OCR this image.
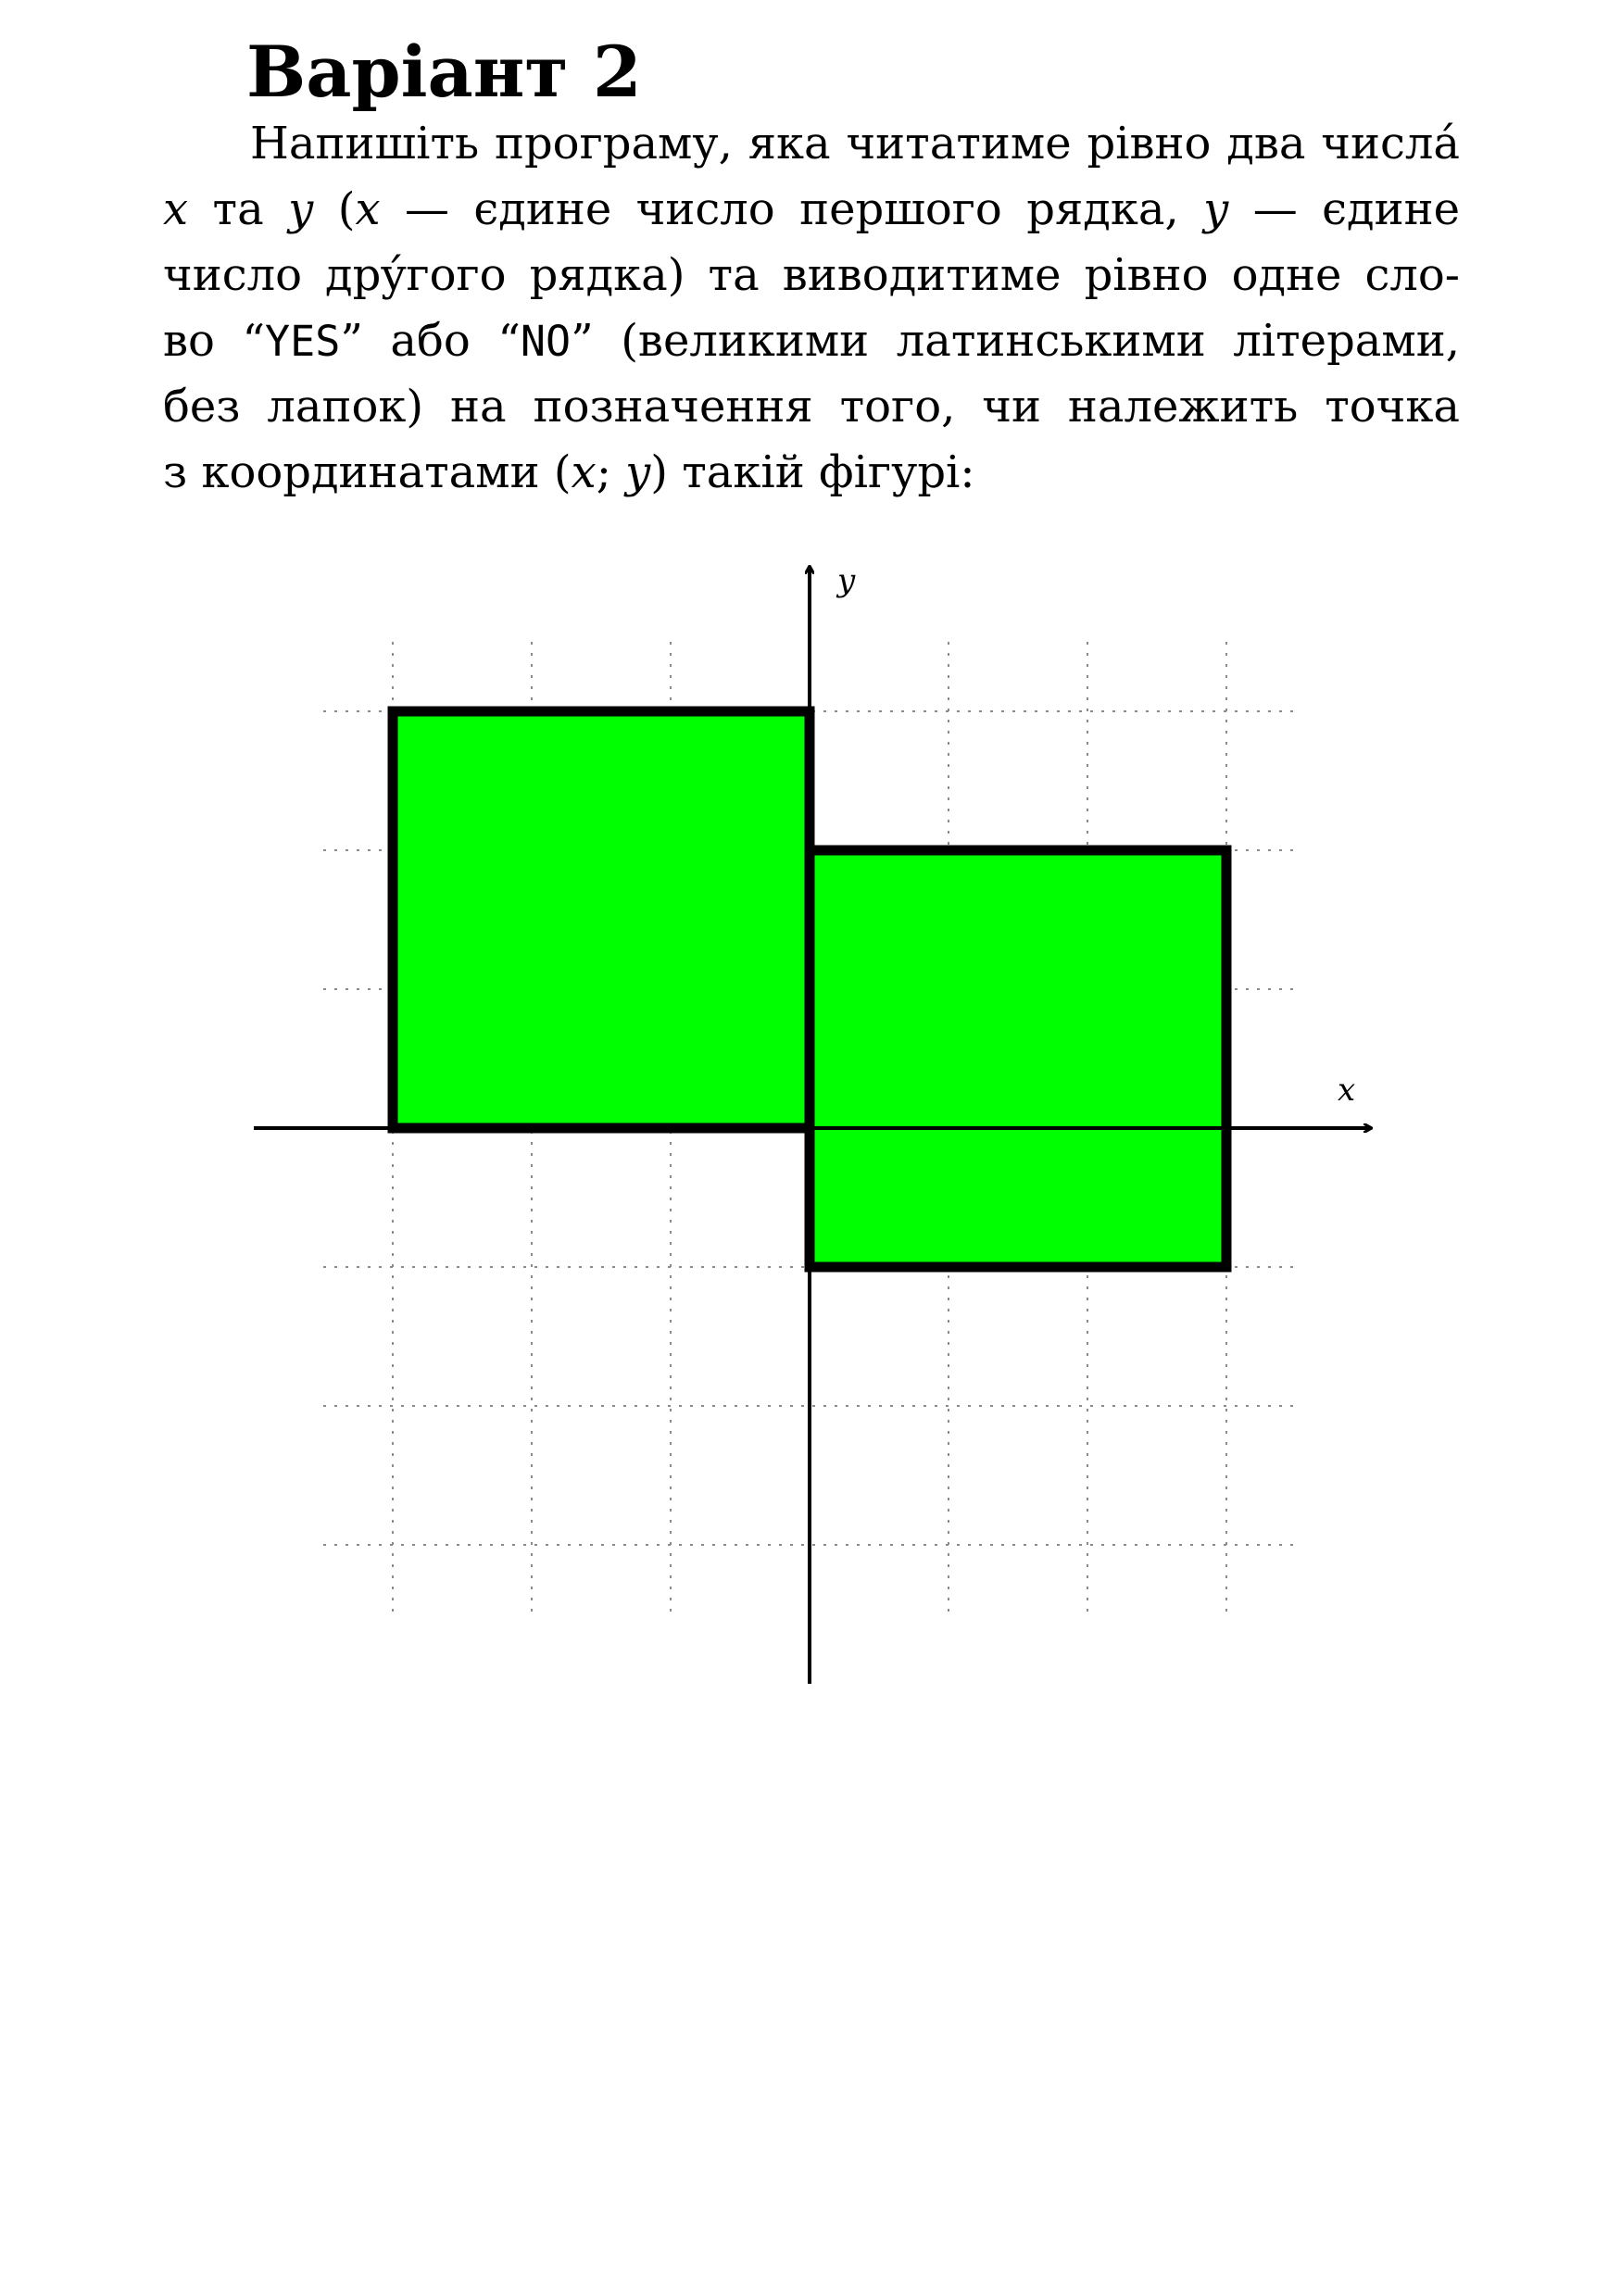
Варіант 2
Напишіть програму, яка читатиме рівно два числá
x та y (x — єдине число першого рядка, y — єдине
число дрýгого рядка) та виводитиме рівно одне сло-
во “YES” або “NO” (великими латинськими літерами,
без лапок) на позначення того, чи належить точка
з координатами (x; y) такій фігурі:
x
y
